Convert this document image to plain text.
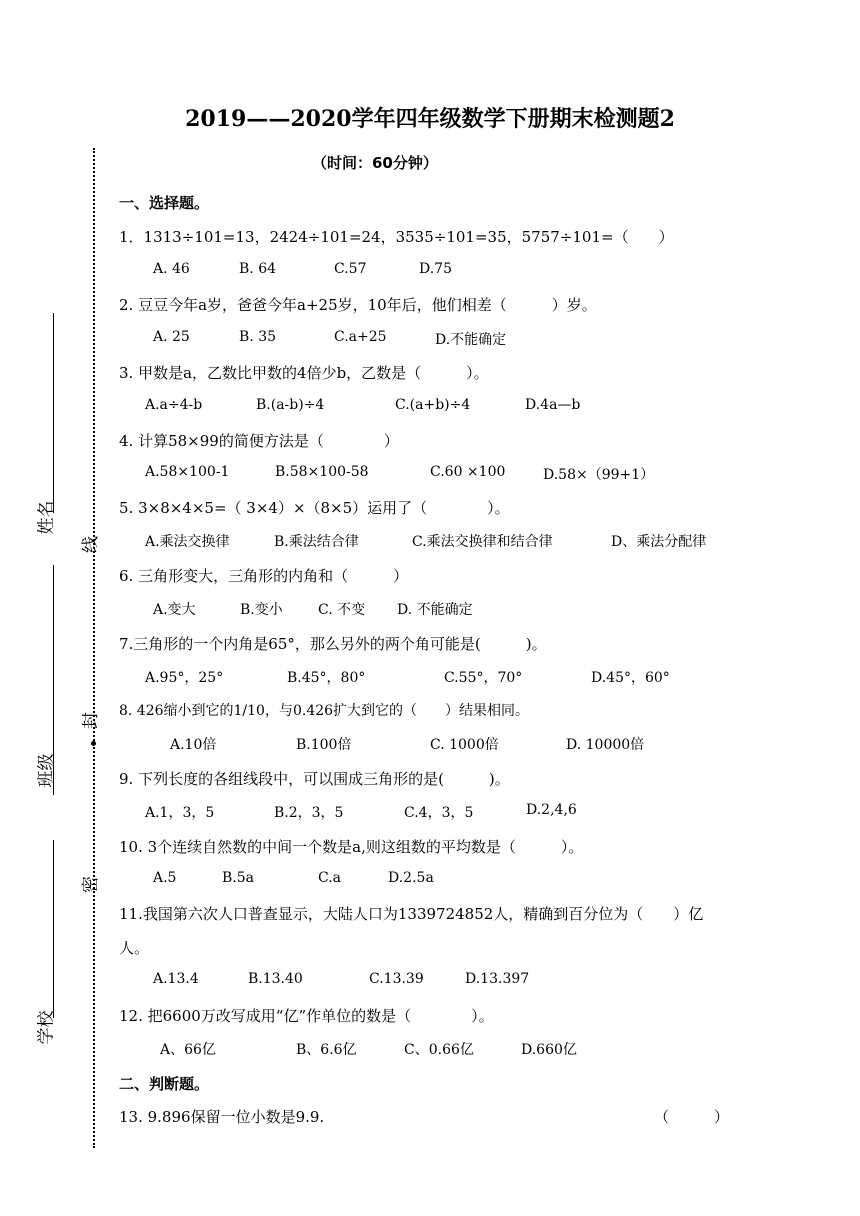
2019——2020学年四年级数学下册期末检测题2
（时间：60分钟）
姓名
班级
学校
线
封
密
一、选择题。
1．1313÷101=13，2424÷101=24，3535÷101=35，5757÷101=（　　）
A. 46	B. 64	C.57	D.75
2. 豆豆今年a岁，爸爸今年a+25岁，10年后，他们相差（　　　）岁。
A. 25	B. 35	C.a+25	D.不能确定
3. 甲数是a，乙数比甲数的4倍少b，乙数是（　　　）。
A.a÷4-b	B.(a-b)÷4	C.(a+b)÷4	D.4a—b
4. 计算58×99的简便方法是（　　　　）
A.58×100-1	B.58×100-58	C.60 ×100	D.58×（99+1）
5. 3×8×4×5=（ 3×4）×（8×5）运用了（　　　　）。
A.乘法交换律	B.乘法结合律	C.乘法交换律和结合律	D、乘法分配律
6. 三角形变大，三角形的内角和（　　　）
A.变大	B.变小	C. 不变 D. 不能确定
7.三角形的一个内角是65°，那么另外的两个角可能是(　　　)。
A.95°，25°	B.45°，80°	C.55°，70°	D.45°，60°
8. 426缩小到它的1/10，与0.426扩大到它的（　　）结果相同。
A.10倍	B.100倍	C. 1000倍	D. 10000倍
9. 下列长度的各组线段中，可以围成三角形的是(　　　)。
A.1，3，5	B.2，3，5	C.4，3，5	D.2,4,6
10. 3个连续自然数的中间一个数是a,则这组数的平均数是（　　　）。
A.5	B.5a	C.a	D.2.5a
11.我国第六次人口普查显示，大陆人口为1339724852人，精确到百分位为（　　）亿
人。
A.13.4	B.13.40	C.13.39	D.13.397
12. 把6600万改写成用“亿”作单位的数是（　　　　）。
A、66亿	B、6.6亿	C、0.66亿	D.660亿
二、判断题。
13. 9.896保留一位小数是9.9.	（　　　）
